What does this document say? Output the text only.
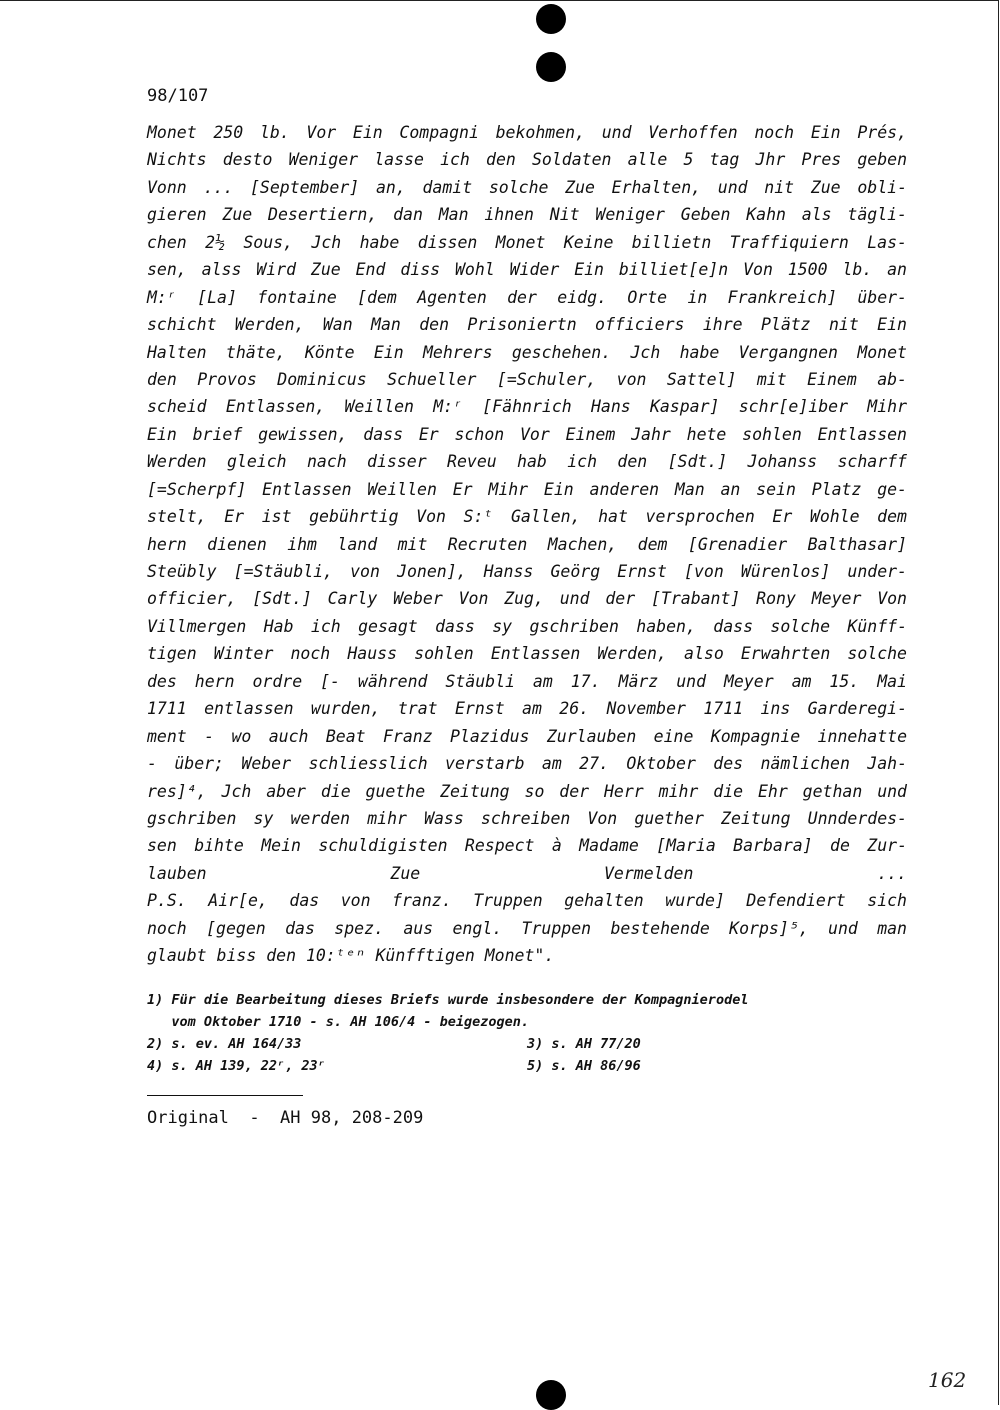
98/107
Monet 250 lb. Vor Ein Compagni bekohmen, und Verhoffen noch Ein Prés,
Nichts desto Weniger lasse ich den Soldaten alle 5 tag Jhr Pres geben
Vonn ... [September] an, damit solche Zue Erhalten, und nit Zue obli-
gieren Zue Desertiern, dan Man ihnen Nit Weniger Geben Kahn als tägli-
chen 2½ Sous, Jch habe dissen Monet Keine billietn Traffiquiern Las-
sen, alss Wird Zue End diss Wohl Wider Ein billiet[e]n Von 1500 lb. an
M:ʳ [La] fontaine [dem Agenten der eidg. Orte in Frankreich] über-
schicht Werden, Wan Man den Prisoniertn officiers ihre Plätz nit Ein
Halten thäte, Könte Ein Mehrers geschehen. Jch habe Vergangnen Monet
den Provos Dominicus Schueller [=Schuler, von Sattel] mit Einem ab-
scheid Entlassen, Weillen M:ʳ [Fähnrich Hans Kaspar] schr[e]iber Mihr
Ein brief gewissen, dass Er schon Vor Einem Jahr hete sohlen Entlassen
Werden gleich nach disser Reveu hab ich den [Sdt.] Johanss scharff
[=Scherpf] Entlassen Weillen Er Mihr Ein anderen Man an sein Platz ge-
stelt, Er ist gebührtig Von S:ᵗ Gallen, hat versprochen Er Wohle dem
hern dienen ihm land mit Recruten Machen, dem [Grenadier Balthasar]
Steübly [=Stäubli, von Jonen], Hanss Geörg Ernst [von Würenlos] under-
officier, [Sdt.] Carly Weber Von Zug, und der [Trabant] Rony Meyer Von
Villmergen Hab ich gesagt dass sy gschriben haben, dass solche Künff-
tigen Winter noch Hauss sohlen Entlassen Werden, also Erwahrten solche
des hern ordre [- während Stäubli am 17. März und Meyer am 15. Mai
1711 entlassen wurden, trat Ernst am 26. November 1711 ins Garderegi-
ment - wo auch Beat Franz Plazidus Zurlauben eine Kompagnie innehatte
- über; Weber schliesslich verstarb am 27. Oktober des nämlichen Jah-
res]⁴, Jch aber die guethe Zeitung so der Herr mihr die Ehr gethan und
gschriben sy werden mihr Wass schreiben Von guether Zeitung Unnderdes-
sen bihte Mein schuldigisten Respect à Madame [Maria Barbara] de Zur-
lauben Zue Vermelden ...
P.S. Air[e, das von franz. Truppen gehalten wurde] Defendiert sich
noch [gegen das spez. aus engl. Truppen bestehende Korps]⁵, und man
glaubt biss den 10:ᵗᵉⁿ Künfftigen Monet".
1) Für die Bearbeitung dieses Briefs wurde insbesondere der Kompagnierodel
vom Oktober 1710 - s. AH 106/4 - beigezogen.
2) s. ev. AH 164/33	3) s. AH 77/20
4) s. AH 139, 22ʳ, 23ʳ	5) s. AH 86/96
Original  -  AH 98, 208-209
162
